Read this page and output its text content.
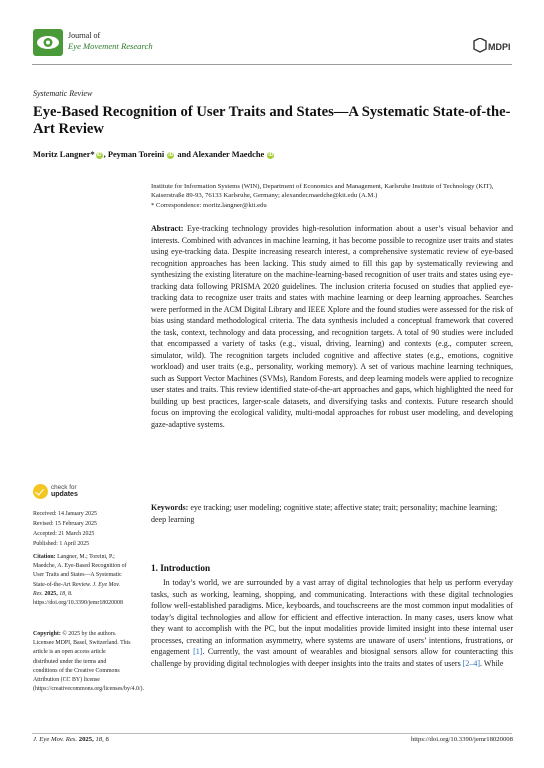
Journal of
Eye Movement Research	MDPI
Systematic Review
Eye-Based Recognition of User Traits and States—A Systematic State-of-the-Art Review
Moritz Langner* iD , Peyman Toreini iD and Alexander Maedche iD
Institute for Information Systems (WIN), Department of Economics and Management, Karlsruhe Institute of Technology (KIT), Kaiserstraße 89-93, 76133 Karlsruhe, Germany; alexander.maedche@kit.edu (A.M.)
* Correspondence: moritz.langner@kit.edu
Abstract: Eye-tracking technology provides high-resolution information about a user’s visual behavior and interests. Combined with advances in machine learning, it has become possible to recognize user traits and states using eye-tracking data. Despite increasing research interest, a comprehensive systematic review of eye-based recognition approaches has been lacking. This study aimed to fill this gap by systematically reviewing and synthesizing the existing literature on the machine-learning-based recognition of user traits and states using eye-tracking data following PRISMA 2020 guidelines. The inclusion criteria focused on studies that applied eye-tracking data to recognize user traits and states with machine learning or deep learning approaches. Searches were performed in the ACM Digital Library and IEEE Xplore and the found studies were assessed for the risk of bias using standard methodological criteria. The data synthesis included a conceptual framework that covered the task, context, technology and data processing, and recognition targets. A total of 90 studies were included that encompassed a variety of tasks (e.g., visual, driving, learning) and contexts (e.g., computer screen, simulator, wild). The recognition targets included cognitive and affective states (e.g., emotions, cognitive workload) and user traits (e.g., personality, working memory). A set of various machine learning techniques, such as Support Vector Machines (SVMs), Random Forests, and deep learning models were applied to recognize user states and traits. This review identified state-of-the-art approaches and gaps, which highlighted the need for building up best practices, larger-scale datasets, and diversifying tasks and contexts. Future research should focus on improving the ecological validity, multi-modal approaches for robust user modeling, and developing gaze-adaptive systems.
Keywords: eye tracking; user modeling; cognitive state; affective state; trait; personality; machine learning; deep learning
check for
updates
Received: 14 January 2025
Revised: 15 February 2025
Accepted: 21 March 2025
Published: 1 April 2025
Citation: Langner, M.; Toreini, P.; Maedche, A. Eye-Based Recognition of User Traits and States—A Systematic State-of-the-Art Review. J. Eye Mov. Res. 2025, 18, 8. https://doi.org/10.3390/jemr18020008
Copyright: © 2025 by the authors. Licensee MDPI, Basel, Switzerland. This article is an open access article distributed under the terms and conditions of the Creative Commons Attribution (CC BY) license (https://creativecommons.org/licenses/by/4.0/).
1. Introduction
In today’s world, we are surrounded by a vast array of digital technologies that help us perform everyday tasks, such as working, learning, shopping, and communicating. Interactions with these digital technologies follow well-established paradigms. Mice, keyboards, and touchscreens are the most common input modalities of today’s digital technologies and allow for efficient and effective interaction. In many cases, users know what they want to accomplish with the PC, but the input modalities provide limited insight into these internal user processes, creating an information asymmetry, where systems are unaware of users’ intentions, frustrations, or engagement [1]. Currently, the vast amount of wearables and biosignal sensors allow for counteracting this challenge by providing digital technologies with deeper insights into the traits and states of users [2–4]. While
J. Eye Mov. Res. 2025, 18, 8	https://doi.org/10.3390/jemr18020008
